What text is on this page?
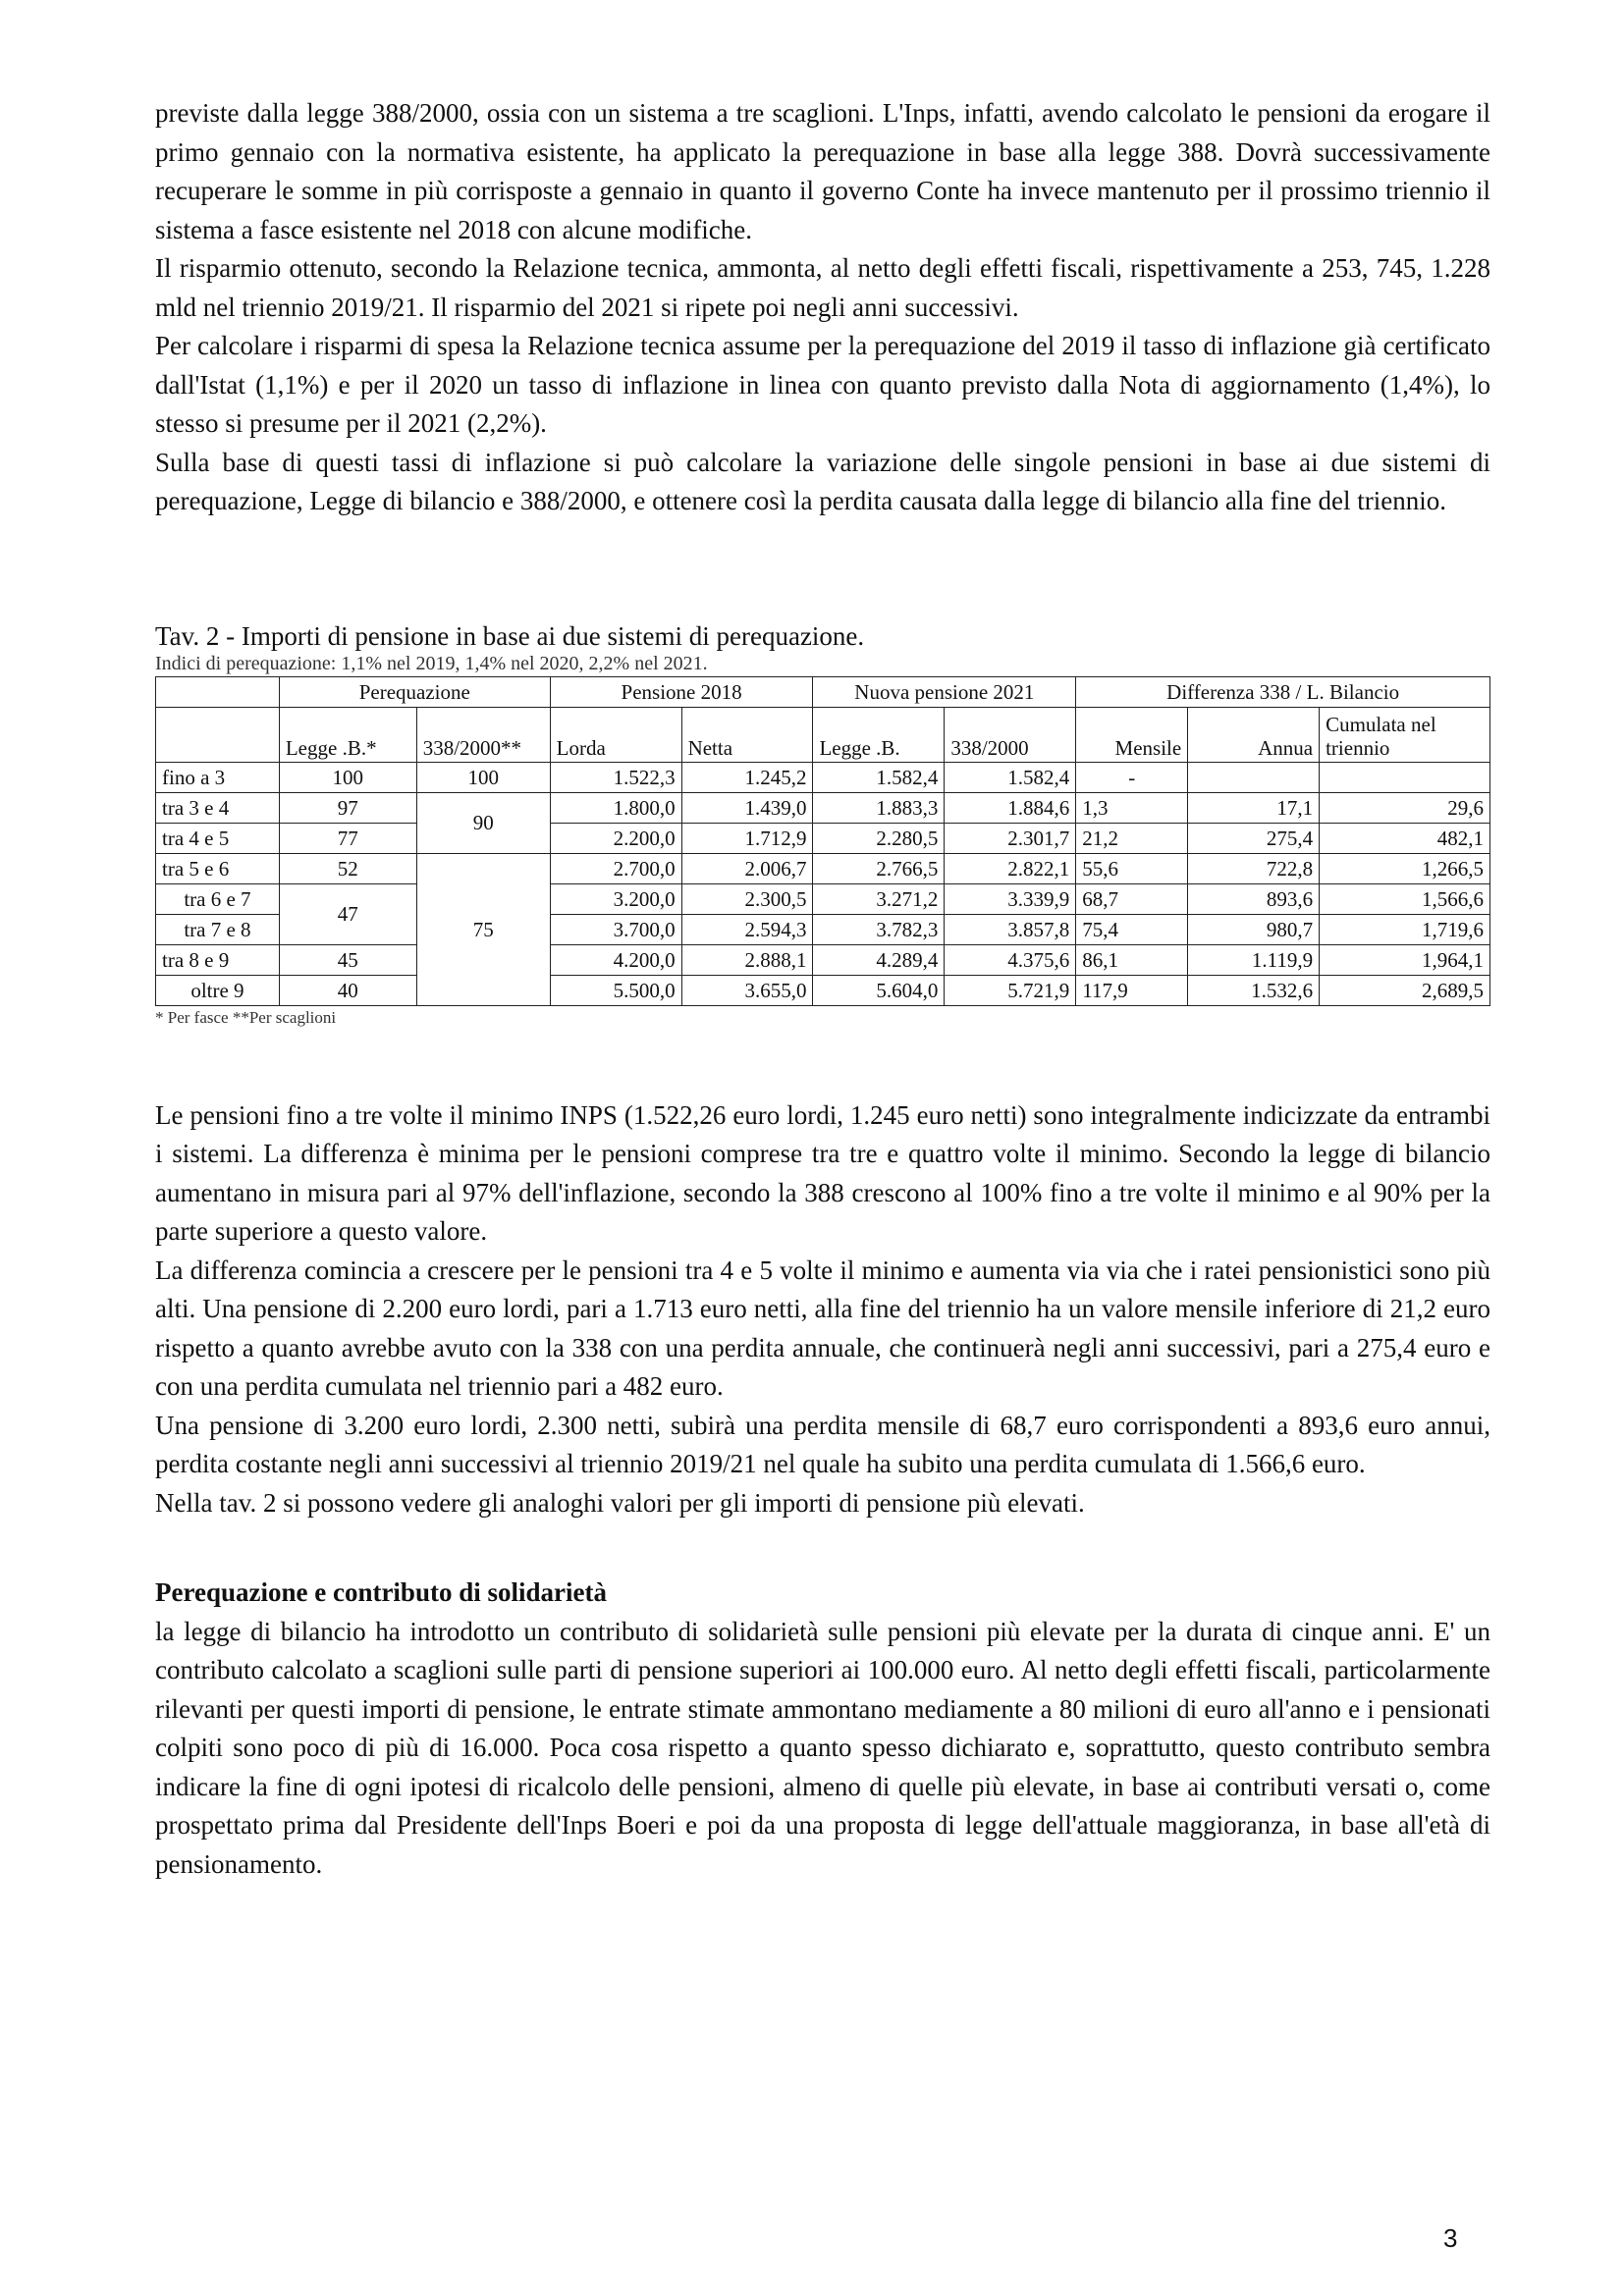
previste dalla legge 388/2000, ossia con un sistema a tre scaglioni. L'Inps, infatti, avendo calcolato le pensioni da erogare il primo gennaio con la normativa esistente, ha applicato la perequazione in base alla legge 388. Dovrà successivamente recuperare le somme in più corrisposte a gennaio in quanto il governo Conte ha invece mantenuto per il prossimo triennio il sistema a fasce esistente nel 2018 con alcune modifiche.

Il risparmio ottenuto, secondo la Relazione tecnica, ammonta, al netto degli effetti fiscali, rispettivamente a 253, 745, 1.228 mld nel triennio 2019/21. Il risparmio del 2021 si ripete poi negli anni successivi.

Per calcolare i risparmi di spesa la Relazione tecnica assume per la perequazione del 2019 il tasso di inflazione già certificato dall'Istat (1,1%) e per il 2020 un tasso di inflazione in linea con quanto previsto dalla Nota di aggiornamento (1,4%), lo stesso si presume per il 2021 (2,2%).

Sulla base di questi tassi di inflazione si può calcolare la variazione delle singole pensioni in base ai due sistemi di perequazione, Legge di bilancio e 388/2000, e ottenere così la perdita causata dalla legge di bilancio alla fine del triennio.

Tav. 2 - Importi di pensione in base ai due sistemi di perequazione.

Indici di perequazione: 1,1% nel 2019, 1,4% nel 2020, 2,2% nel 2021.

	Perequazione		Pensione 2018		Nuova pensione 2021		Differenza 338 / L. Bilancio		
	Legge .B.*	338/2000**	Lorda	Netta	Legge .B.	338/2000	Mensile	Annua	Cumulata nel triennio
fino a 3	100	100	1.522,3	1.245,2	1.582,4	1.582,4	-		
tra 3 e 4	97	90	1.800,0	1.439,0	1.883,3	1.884,6	1,3	17,1	29,6
tra 4 e 5	77		2.200,0	1.712,9	2.280,5	2.301,7	21,2	275,4	482,1
tra 5 e 6	52	75	2.700,0	2.006,7	2.766,5	2.822,1	55,6	722,8	1,266,5
tra 6 e 7	47		3.200,0	2.300,5	3.271,2	3.339,9	68,7	893,6	1,566,6
tra 7 e 8			3.700,0	2.594,3	3.782,3	3.857,8	75,4	980,7	1,719,6
tra 8 e 9	45		4.200,0	2.888,1	4.289,4	4.375,6	86,1	1.119,9	1,964,1
oltre 9	40		5.500,0	3.655,0	5.604,0	5.721,9	117,9	1.532,6	2,689,5

* Per fasce **Per scaglioni

Le pensioni fino a tre volte il minimo INPS (1.522,26 euro lordi, 1.245 euro netti) sono integralmente indicizzate da entrambi i sistemi. La differenza è minima per le pensioni comprese tra tre e quattro volte il minimo. Secondo la legge di bilancio aumentano in misura pari al 97% dell'inflazione, secondo la 388 crescono al 100% fino a tre volte il minimo e al 90% per la parte superiore a questo valore.

La differenza comincia a crescere per le pensioni tra 4 e 5 volte il minimo e aumenta via via che i ratei pensionistici sono più alti. Una pensione di 2.200 euro lordi, pari a 1.713 euro netti, alla fine del triennio ha un valore mensile inferiore di 21,2 euro rispetto a quanto avrebbe avuto con la 338 con una perdita annuale, che continuerà negli anni successivi, pari a 275,4 euro e con una perdita cumulata nel triennio pari a 482 euro.

Una pensione di 3.200 euro lordi, 2.300 netti, subirà una perdita mensile di 68,7 euro corrispondenti a 893,6 euro annui, perdita costante negli anni successivi al triennio 2019/21 nel quale ha subito una perdita cumulata di 1.566,6 euro.

Nella tav. 2 si possono vedere gli analoghi valori per gli importi di pensione più elevati.

Perequazione e contributo di solidarietà

la legge di bilancio ha introdotto un contributo di solidarietà sulle pensioni più elevate per la durata di cinque anni. E' un contributo calcolato a scaglioni sulle parti di pensione superiori ai 100.000 euro. Al netto degli effetti fiscali, particolarmente rilevanti per questi importi di pensione, le entrate stimate ammontano mediamente a 80 milioni di euro all'anno e i pensionati colpiti sono poco di più di 16.000. Poca cosa rispetto a quanto spesso dichiarato e, soprattutto, questo contributo sembra indicare la fine di ogni ipotesi di ricalcolo delle pensioni, almeno di quelle più elevate, in base ai contributi versati o, come prospettato prima dal Presidente dell'Inps Boeri e poi da una proposta di legge dell'attuale maggioranza, in base all'età di pensionamento.

3
